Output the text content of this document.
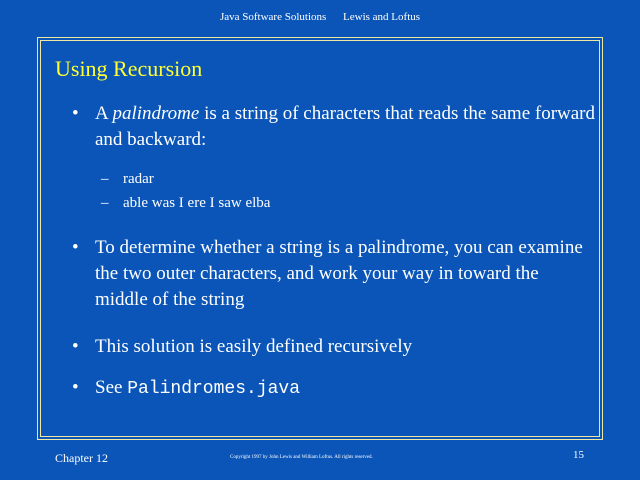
Java Software Solutions Lewis and Loftus
Using Recursion
• A palindrome is a string of characters that reads the same forward and backward:
– radar
– able was I ere I saw elba
• To determine whether a string is a palindrome, you can examine the two outer characters, and work your way in toward the middle of the string
• This solution is easily defined recursively
• See Palindromes.java
Chapter 12	Copyright 1997 by John Lewis and William Loftus. All rights reserved.	15
